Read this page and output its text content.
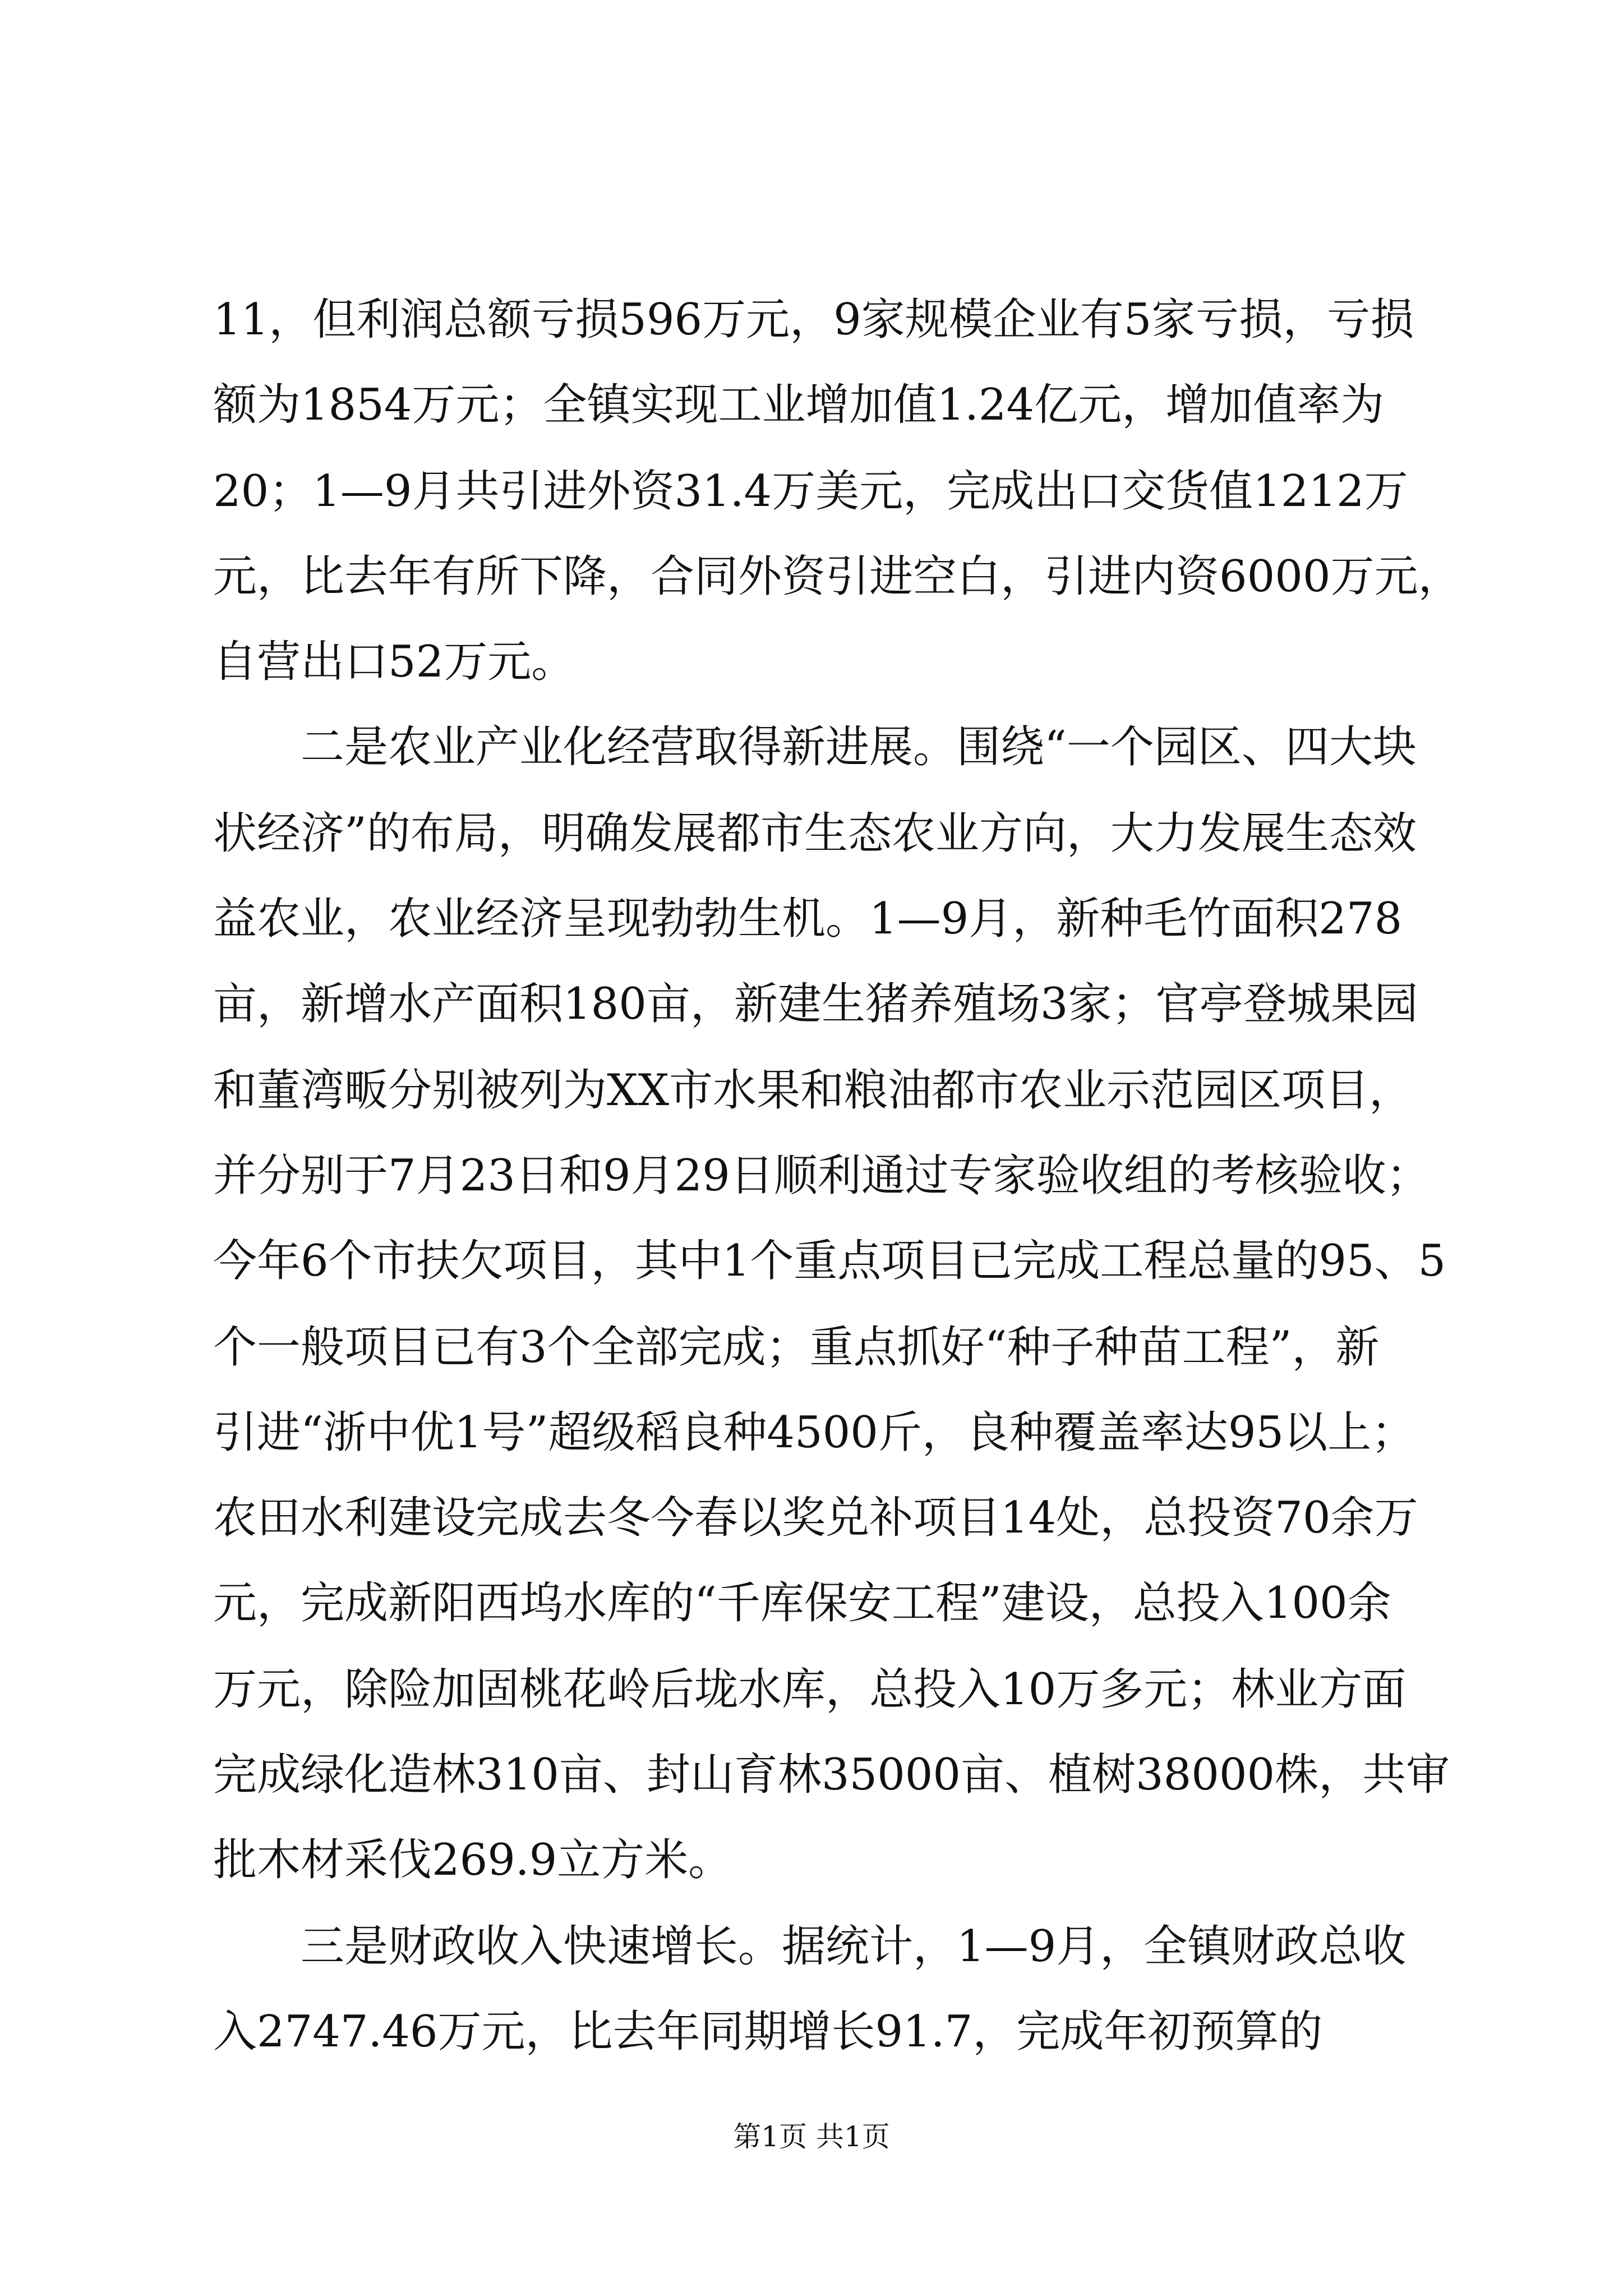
11，但利润总额亏损596万元，9家规模企业有5家亏损，亏损
额为1854万元；全镇实现工业增加值1.24亿元，增加值率为
20；1—9月共引进外资31.4万美元，完成出口交货值1212万
元，比去年有所下降，合同外资引进空白，引进内资6000万元，
自营出口52万元。
　　二是农业产业化经营取得新进展。围绕“一个园区、四大块
状经济”的布局，明确发展都市生态农业方向，大力发展生态效
益农业，农业经济呈现勃勃生机。1—9月，新种毛竹面积278
亩，新增水产面积180亩，新建生猪养殖场3家；官亭登城果园
和董湾畈分别被列为XX市水果和粮油都市农业示范园区项目，
并分别于7月23日和9月29日顺利通过专家验收组的考核验收；
今年6个市扶欠项目，其中1个重点项目已完成工程总量的95、5
个一般项目已有3个全部完成；重点抓好“种子种苗工程”，新
引进“浙中优1号”超级稻良种4500斤，良种覆盖率达95以上；
农田水利建设完成去冬今春以奖兑补项目14处，总投资70余万
元，完成新阳西坞水库的“千库保安工程”建设，总投入100余
万元，除险加固桃花岭后垅水库，总投入10万多元；林业方面
完成绿化造林310亩、封山育林35000亩、植树38000株，共审
批木材采伐269.9立方米。
　　三是财政收入快速增长。据统计，1—9月，全镇财政总收
入2747.46万元，比去年同期增长91.7，完成年初预算的
第1页 共1页
